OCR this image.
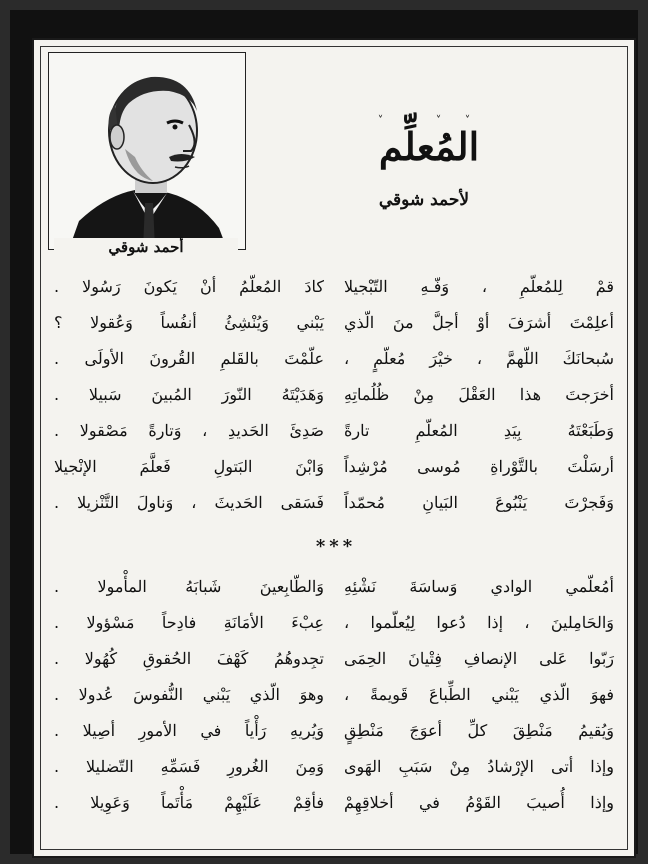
أحمد شوقي
˅ ˅ ˅ ˅
المُعلِّم
لأحمد شوقي
قمْ لِلمُعلّمِ ، وَفّـهِ التّبْجيلا
كادَ المُعلّمُ أنْ يَكونَ رَسُولا .
أعلِمْتَ أشرَفَ أوْ أجلَّ منَ الّذي
يَبْني وَيُنْشِئُ أنفُساً وَعُقولا ؟
سُبحانَكَ اللّهمَّ ، خيْرَ مُعلّمٍ ،
علّمْتَ بالقَلمِ القُرونَ الأولَى .
أخرَجتَ هذا العَقْلَ مِنْ ظُلُماتِهِ
وَهَدَيْتَهُ النّورَ المُبينَ سَبيلا .
وَطَبَعْتَهُ بِيَدِ المُعلّمِ تارةً
صَدِئَ الحَديدِ ، وَتارةً مَصْقولا .
أرسَلْتَ بالتَّوْراةِ مُوسى مُرْشِداً
وَابْنَ البَتولِ فَعلَّمَ الإنْجيلا
وَفَجرْتَ يَنْبُوعَ البَيانِ مُحمّداً
فَسَقى الحَديثَ ، وَناولَ التَّنْزيلا .
***
أمُعلّمي الوادي وَساسَةَ نَشْئِهِ
وَالطّابِعينَ شَبابَهُ المأْمولا .
وَالحَامِلينَ ، إذا دُعوا لِيُعلّموا ،
عِبْءَ الأمَانَةِ فادِحاً مَسْؤولا .
رَبّوا عَلى الإنصافِ فِتْيانَ الحِمَى
تجِدوهُمُ كَهْفَ الحُقوقِ كُهُولا .
فهوَ الّذي يَبْني الطِّباعَ قَويمةً ،
وهوَ الّذي يَبْني النُّفوسَ عُدولا .
وَيُقيمُ مَنْطِقَ كلِّ أعوَجَ مَنْطِقٍ
وَيُريهِ رَأْياً في الأمورِ أصِيلا .
وإذا أتى الإرْشادُ مِنْ سَبَبِ الهَوى
وَمِنَ الغُرورِ فَسَمِّهِ التّضليلا .
وإذا أُصيبَ القَوْمُ في أخلاقِهِمْ
فأقِمْ عَلَيْهِمْ مَأْتَماً وَعَوِيلا .
